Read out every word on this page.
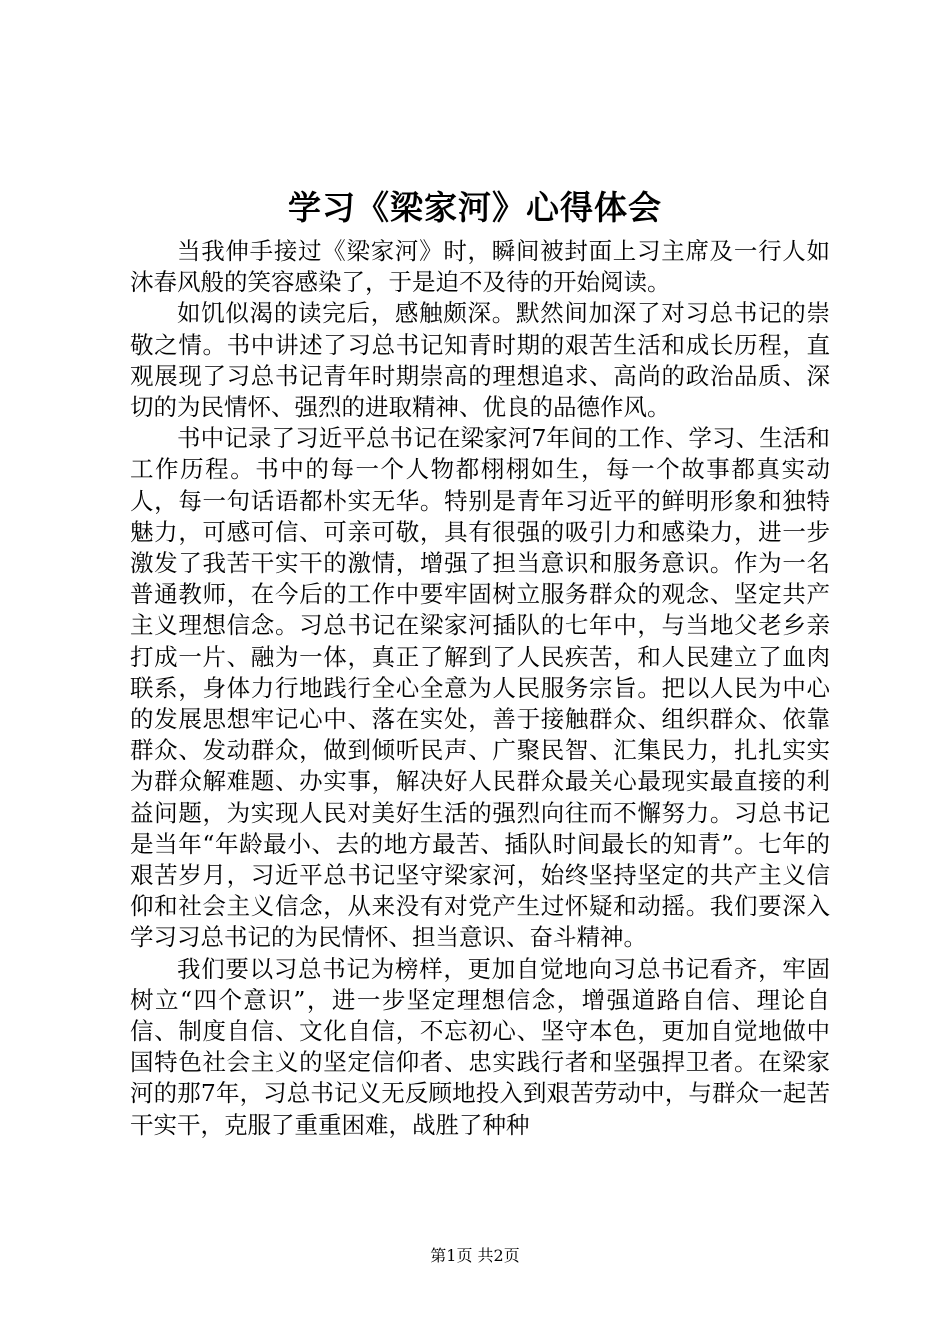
学习《梁家河》心得体会

当我伸手接过《梁家河》时，瞬间被封面上习主席及一行人如沐春风般的笑容感染了，于是迫不及待的开始阅读。

如饥似渴的读完后，感触颇深。默然间加深了对习总书记的崇敬之情。书中讲述了习总书记知青时期的艰苦生活和成长历程，直观展现了习总书记青年时期崇高的理想追求、高尚的政治品质、深切的为民情怀、强烈的进取精神、优良的品德作风。

书中记录了习近平总书记在梁家河7年间的工作、学习、生活和工作历程。书中的每一个人物都栩栩如生，每一个故事都真实动人，每一句话语都朴实无华。特别是青年习近平的鲜明形象和独特魅力，可感可信、可亲可敬，具有很强的吸引力和感染力，进一步激发了我苦干实干的激情，增强了担当意识和服务意识。作为一名普通教师，在今后的工作中要牢固树立服务群众的观念、坚定共产主义理想信念。习总书记在梁家河插队的七年中，与当地父老乡亲打成一片、融为一体，真正了解到了人民疾苦，和人民建立了血肉联系，身体力行地践行全心全意为人民服务宗旨。把以人民为中心的发展思想牢记心中、落在实处，善于接触群众、组织群众、依靠群众、发动群众，做到倾听民声、广聚民智、汇集民力，扎扎实实为群众解难题、办实事，解决好人民群众最关心最现实最直接的利益问题，为实现人民对美好生活的强烈向往而不懈努力。习总书记是当年“年龄最小、去的地方最苦、插队时间最长的知青”。七年的艰苦岁月，习近平总书记坚守梁家河，始终坚持坚定的共产主义信仰和社会主义信念，从来没有对党产生过怀疑和动摇。我们要深入学习习总书记的为民情怀、担当意识、奋斗精神。

我们要以习总书记为榜样，更加自觉地向习总书记看齐，牢固树立“四个意识”，进一步坚定理想信念，增强道路自信、理论自信、制度自信、文化自信，不忘初心、坚守本色，更加自觉地做中国特色社会主义的坚定信仰者、忠实践行者和坚强捍卫者。在梁家河的那7年，习总书记义无反顾地投入到艰苦劳动中，与群众一起苦干实干，克服了重重困难，战胜了种种

第1页 共2页
